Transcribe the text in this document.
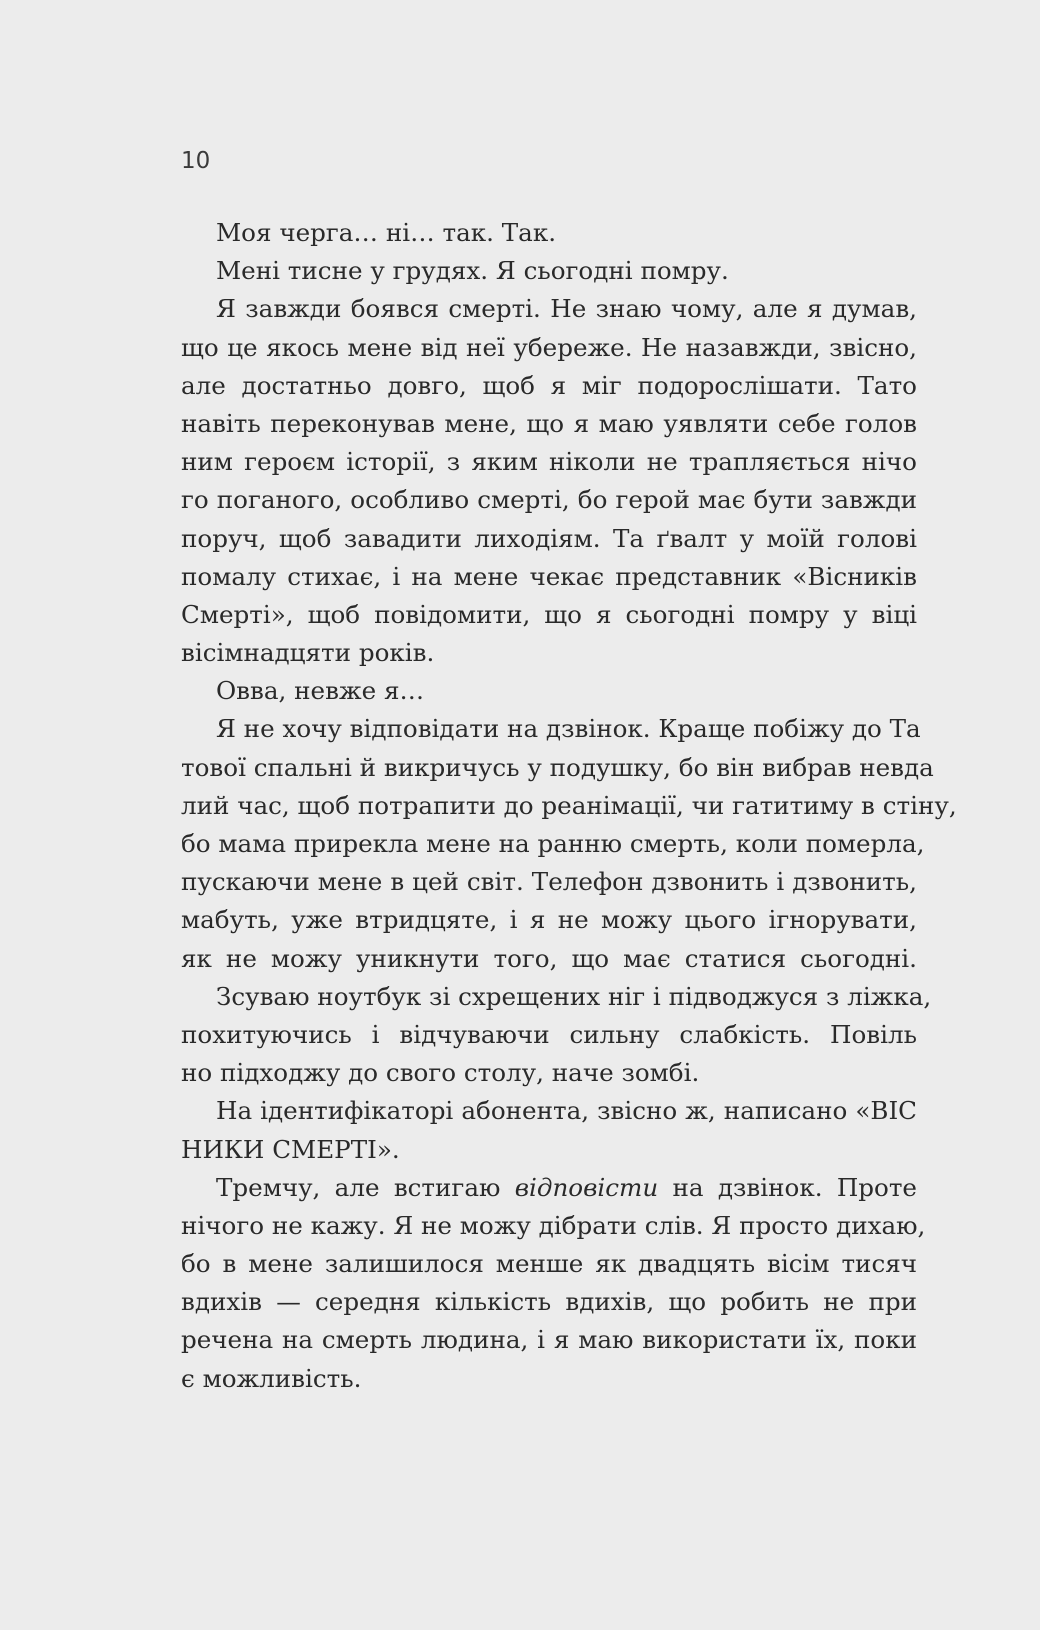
10
Моя черга… ні… так. Так.
Мені тисне у грудях. Я сьогодні помру.
Я завжди боявся смерті. Не знаю чому, але я думав,
що це якось мене від неї убереже. Не назавжди, звісно,
але достатньо довго, щоб я міг подорослішати. Тато
навіть переконував мене, що я маю уявляти себе голов
ним героєм історії, з яким ніколи не трапляється нічо
го поганого, особливо смерті, бо герой має бути завжди
поруч, щоб завадити лиходіям. Та ґвалт у моїй голові
помалу стихає, і на мене чекає представник «Вісників
Смерті», щоб повідомити, що я сьогодні помру у віці
вісімнадцяти років.
Овва, невже я…
Я не хочу відповідати на дзвінок. Краще побіжу до Та
тової спальні й викричусь у подушку, бо він вибрав невда
лий час, щоб потрапити до реанімації, чи гатитиму в стіну,
бо мама прирекла мене на ранню смерть, коли померла,
пускаючи мене в цей світ. Телефон дзвонить і дзвонить,
мабуть, уже втридцяте, і я не можу цього ігнорувати,
як не можу уникнути того, що має статися сьогодні.
Зсуваю ноутбук зі схрещених ніг і підводжуся з ліжка,
похитуючись і відчуваючи сильну слабкість. Повіль
но підходжу до свого столу, наче зомбі.
На ідентифікаторі абонента, звісно ж, написано «ВІС
НИКИ СМЕРТІ».
Тремчу, але встигаю відповісти на дзвінок. Проте
нічого не кажу. Я не можу дібрати слів. Я просто дихаю,
бо в мене залишилося менше як двадцять вісім тисяч
вдихів — середня кількість вдихів, що робить не при
речена на смерть людина, і я маю використати їх, поки
є можливість.
